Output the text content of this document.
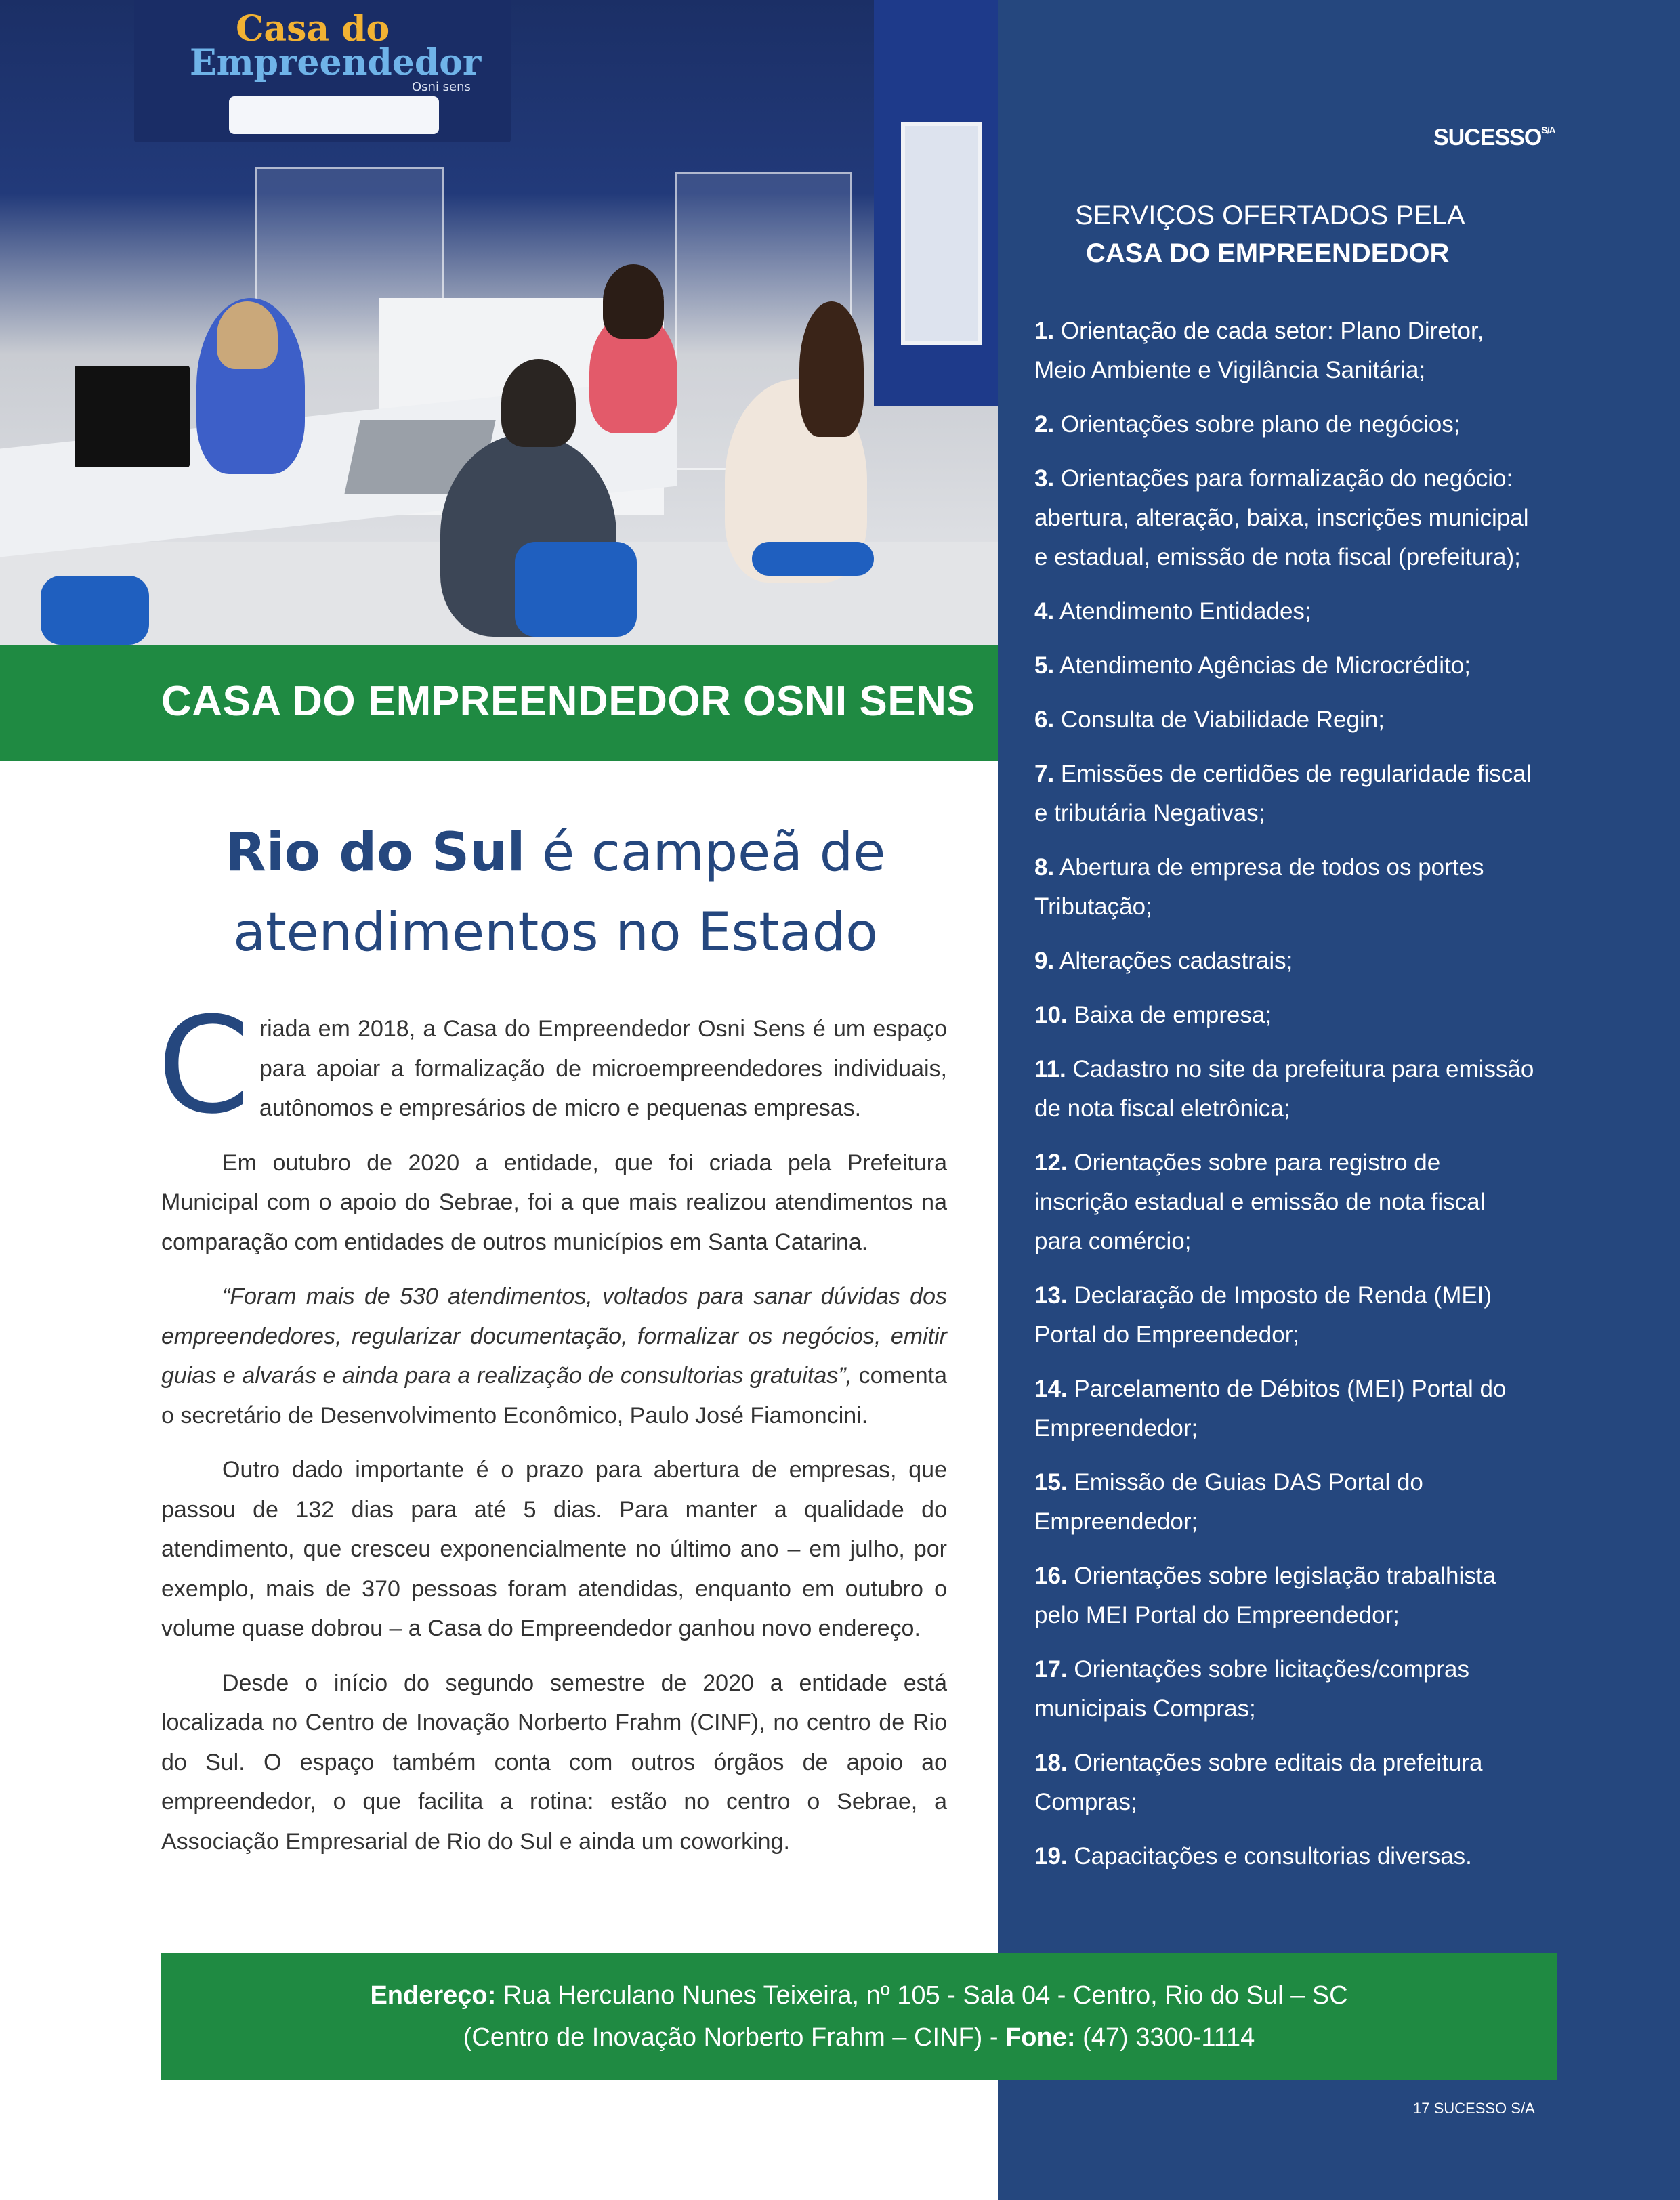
Casa do
Empreendedor
Osni sens
$SUCESSO^{S/A}$
SERVIÇOS OFERTADOS PELA
CASA DO EMPREENDEDOR
1. Orientação de cada setor: Plano Diretor, Meio Ambiente e Vigilância Sanitária;
2. Orientações sobre plano de negócios;
3. Orientações para formalização do negócio: abertura, alteração, baixa, inscrições municipal e estadual, emissão de nota fiscal (prefeitura);
4. Atendimento Entidades;
5. Atendimento Agências de Microcrédito;
6. Consulta de Viabilidade Regin;
7. Emissões de certidões de regularidade fiscal e tributária Negativas;
8. Abertura de empresa de todos os portes Tributação;
9. Alterações cadastrais;
10. Baixa de empresa;
11. Cadastro no site da prefeitura para emissão de nota fiscal eletrônica;
12. Orientações sobre para registro de inscrição estadual e emissão de nota fiscal para comércio;
13. Declaração de Imposto de Renda (MEI) Portal do Empreendedor;
14. Parcelamento de Débitos (MEI) Portal do Empreendedor;
15. Emissão de Guias DAS Portal do Empreendedor;
16. Orientações sobre legislação trabalhista pelo MEI Portal do Empreendedor;
17. Orientações sobre licitações/compras municipais Compras;
18. Orientações sobre editais da prefeitura Compras;
19. Capacitações e consultorias diversas.
CASA DO EMPREENDEDOR OSNI SENS
Rio do Sul é campeã de atendimentos no Estado

Criada em 2018, a Casa do Empreendedor Osni Sens é um espaço para apoiar a formalização de microempreendedores individuais, autônomos e empresários de micro e pequenas empresas.

Em outubro de 2020 a entidade, que foi criada pela Prefeitura Municipal com o apoio do Sebrae, foi a que mais realizou atendimentos na comparação com entidades de outros municípios em Santa Catarina.

“Foram mais de 530 atendimentos, voltados para sanar dúvidas dos empreendedores, regularizar documentação, formalizar os negócios, emitir guias e alvarás e ainda para a realização de consultorias gratuitas”, comenta o secretário de Desenvolvimento Econômico, Paulo José Fiamoncini.

Outro dado importante é o prazo para abertura de empresas, que passou de 132 dias para até 5 dias. Para manter a qualidade do atendimento, que cresceu exponencialmente no último ano – em julho, por exemplo, mais de 370 pessoas foram atendidas, enquanto em outubro o volume quase dobrou – a Casa do Empreendedor ganhou novo endereço.

Desde o início do segundo semestre de 2020 a entidade está localizada no Centro de Inovação Norberto Frahm (CINF), no centro de Rio do Sul. O espaço também conta com outros órgãos de apoio ao empreendedor, o que facilita a rotina: estão no centro o Sebrae, a Associação Empresarial de Rio do Sul e ainda um coworking.

Endereço: Rua Herculano Nunes Teixeira, nº 105 - Sala 04 - Centro, Rio do Sul – SC
(Centro de Inovação Norberto Frahm – CINF) - Fone: (47) 3300-1114
17 SUCESSO S/A
